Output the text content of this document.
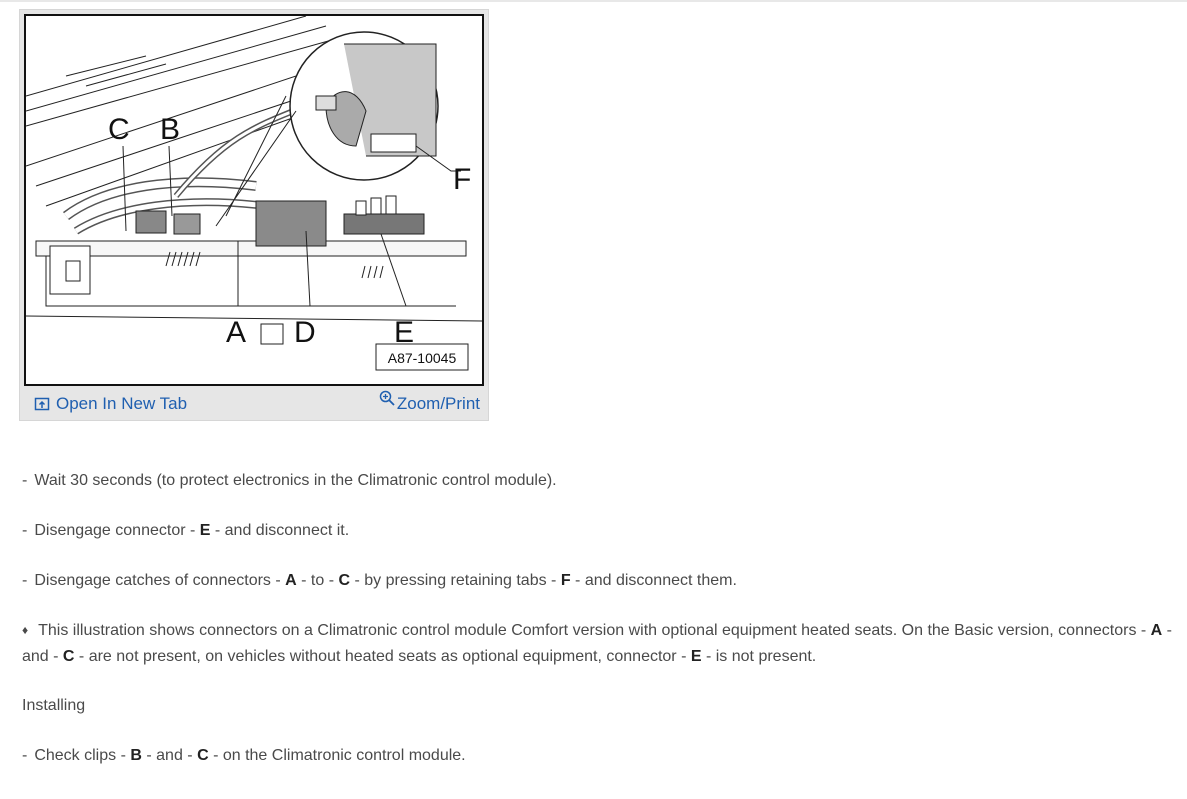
C B
F
A D	E
A87-10045
Open In New Tab	Zoom/Print
- Wait 30 seconds (to protect electronics in the Climatronic control module).
- Disengage connector - E - and disconnect it.
- Disengage catches of connectors - A - to - C - by pressing retaining tabs - F - and disconnect them.
♦ This illustration shows connectors on a Climatronic control module Comfort version with optional equipment heated seats. On the Basic version, connectors - A - and - C - are not present, on vehicles without heated seats as optional equipment, connector - E - is not present.
Installing
- Check clips - B - and - C - on the Climatronic control module.
